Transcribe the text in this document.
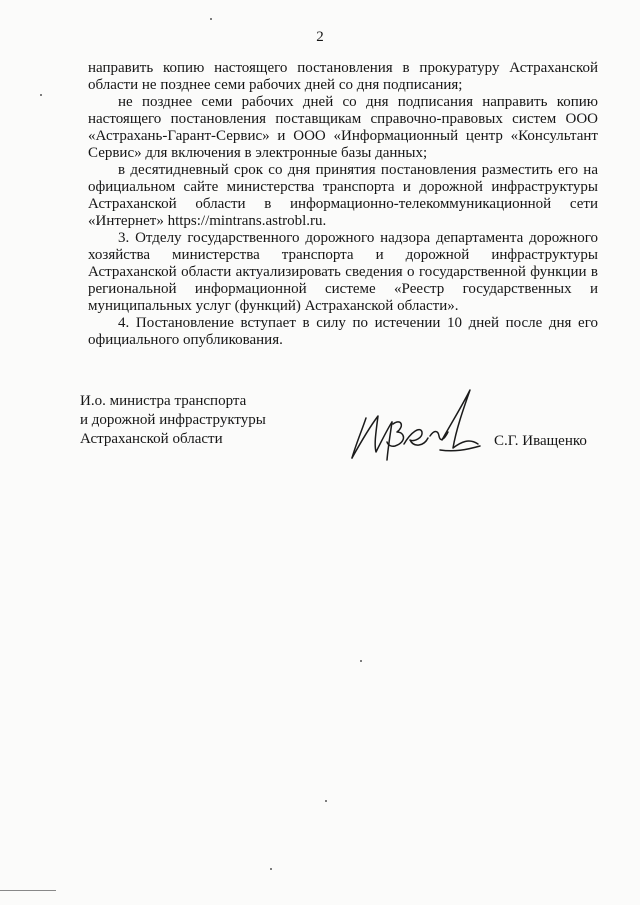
2

направить копию настоящего постановления в прокуратуру Астраханской области не позднее семи рабочих дней со дня подписания;

не позднее семи рабочих дней со дня подписания направить копию настоящего постановления поставщикам справочно-правовых систем ООО «Астрахань-Гарант-Сервис» и ООО «Информационный центр «Консультант Сервис» для включения в электронные базы данных;

в десятидневный срок со дня принятия постановления разместить его на официальном сайте министерства транспорта и дорожной инфраструктуры Астраханской области в информационно-телекоммуникационной сети «Интернет» https://mintrans.astrobl.ru.

3. Отделу государственного дорожного надзора департамента дорожного хозяйства министерства транспорта и дорожной инфраструктуры Астраханской области актуализировать сведения о государственной функции в региональной информационной системе «Реестр государственных и муниципальных услуг (функций) Астраханской области».

4. Постановление вступает в силу по истечении 10 дней после дня его официального опубликования.

И.о. министра транспорта
и дорожной инфраструктуры
Астраханской области	С.Г. Иващенко
